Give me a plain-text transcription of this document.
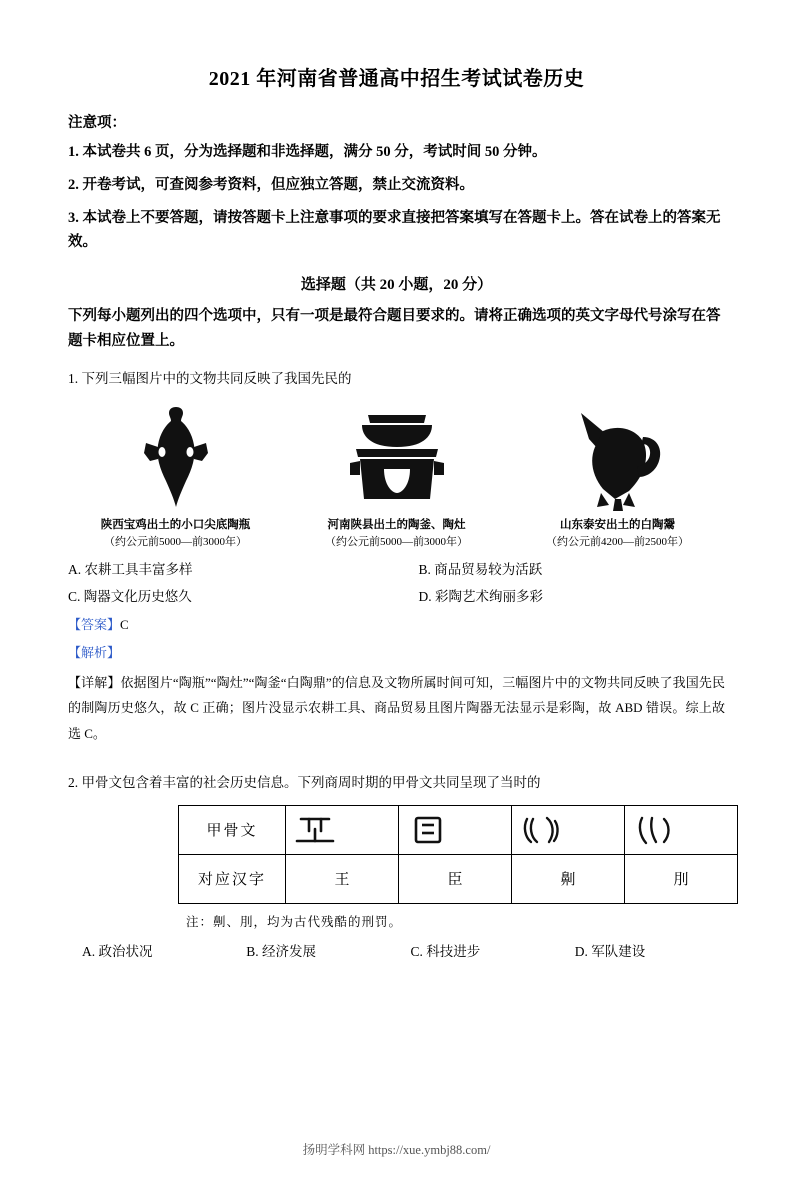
2021 年河南省普通高中招生考试试卷历史
注意项：
1. 本试卷共 6 页，分为选择题和非选择题，满分 50 分，考试时间 50 分钟。
2. 开卷考试，可查阅参考资料，但应独立答题，禁止交流资料。
3. 本试卷上不要答题，请按答题卡上注意事项的要求直接把答案填写在答题卡上。答在试卷上的答案无效。
选择题（共 20 小题，20 分）
下列每小题列出的四个选项中，只有一项是最符合题目要求的。请将正确选项的英文字母代号涂写在答题卡相应位置上。
1. 下列三幅图片中的文物共同反映了我国先民的
陕西宝鸡出土的小口尖底陶瓶
（约公元前5000—前3000年）
河南陕县出土的陶釜、陶灶
（约公元前5000—前3000年）
山东泰安出土的白陶鬶
（约公元前4200—前2500年）
A. 农耕工具丰富多样	B. 商品贸易较为活跃
C. 陶器文化历史悠久	D. 彩陶艺术绚丽多彩
【答案】C
【解析】
【详解】依据图片“陶瓶”“陶灶”“陶釜“白陶鼎”的信息及文物所属时间可知，三幅图片中的文物共同反映了我国先民的制陶历史悠久，故 C 正确；图片没显示农耕工具、商品贸易且图片陶器无法显示是彩陶，故 ABD 错误。综上故选 C。
2. 甲骨文包含着丰富的社会历史信息。下列商周时期的甲骨文共同呈现了当时的
甲骨文	

对应汉字	王	臣	劓	刖
注：劓、刖，均为古代残酷的刑罚。
A. 政治状况	B. 经济发展	C. 科技进步	D. 军队建设
扬明学科网 https://xue.ymbj88.com/
